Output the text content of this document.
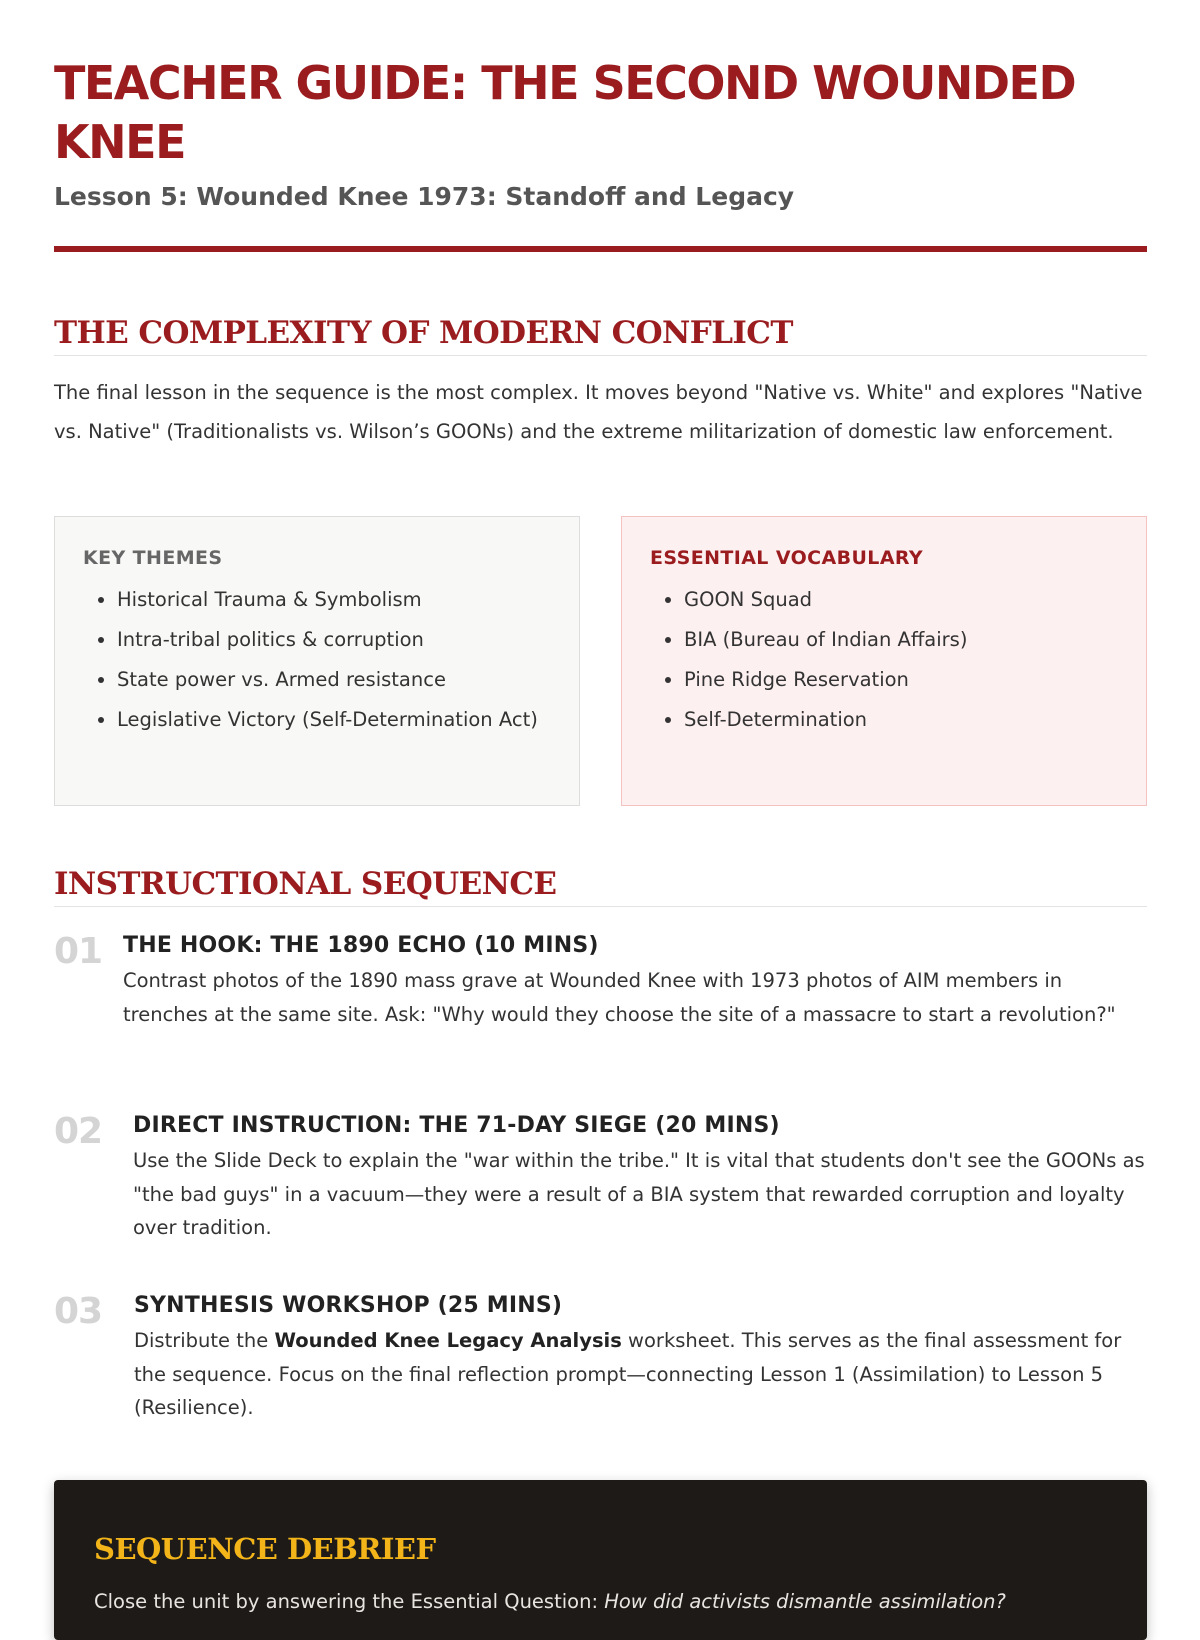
TEACHER GUIDE: THE SECOND WOUNDED KNEE
Lesson 5: Wounded Knee 1973: Standoff and Legacy
THE COMPLEXITY OF MODERN CONFLICT

The final lesson in the sequence is the most complex. It moves beyond "Native vs. White" and explores "Native vs. Native" (Traditionalists vs. Wilson’s GOONs) and the extreme militarization of domestic law enforcement.

KEY THEMES
• Historical Trauma & Symbolism
• Intra-tribal politics & corruption
• State power vs. Armed resistance
• Legislative Victory (Self-Determination Act)
ESSENTIAL VOCABULARY
• GOON Squad
• BIA (Bureau of Indian Affairs)
• Pine Ridge Reservation
• Self-Determination
INSTRUCTIONAL SEQUENCE
01 THE HOOK: THE 1890 ECHO (10 MINS)

Contrast photos of the 1890 mass grave at Wounded Knee with 1973 photos of AIM members in trenches at the same site. Ask: "Why would they choose the site of a massacre to start a revolution?"

02 DIRECT INSTRUCTION: THE 71-DAY SIEGE (20 MINS)

Use the Slide Deck to explain the "war within the tribe." It is vital that students don't see the GOONs as "the bad guys" in a vacuum—they were a result of a BIA system that rewarded corruption and loyalty over tradition.

03 SYNTHESIS WORKSHOP (25 MINS)

Distribute the Wounded Knee Legacy Analysis worksheet. This serves as the final assessment for the sequence. Focus on the final reflection prompt—connecting Lesson 1 (Assimilation) to Lesson 5 (Resilience).

SEQUENCE DEBRIEF

Close the unit by answering the Essential Question: How did activists dismantle assimilation?
